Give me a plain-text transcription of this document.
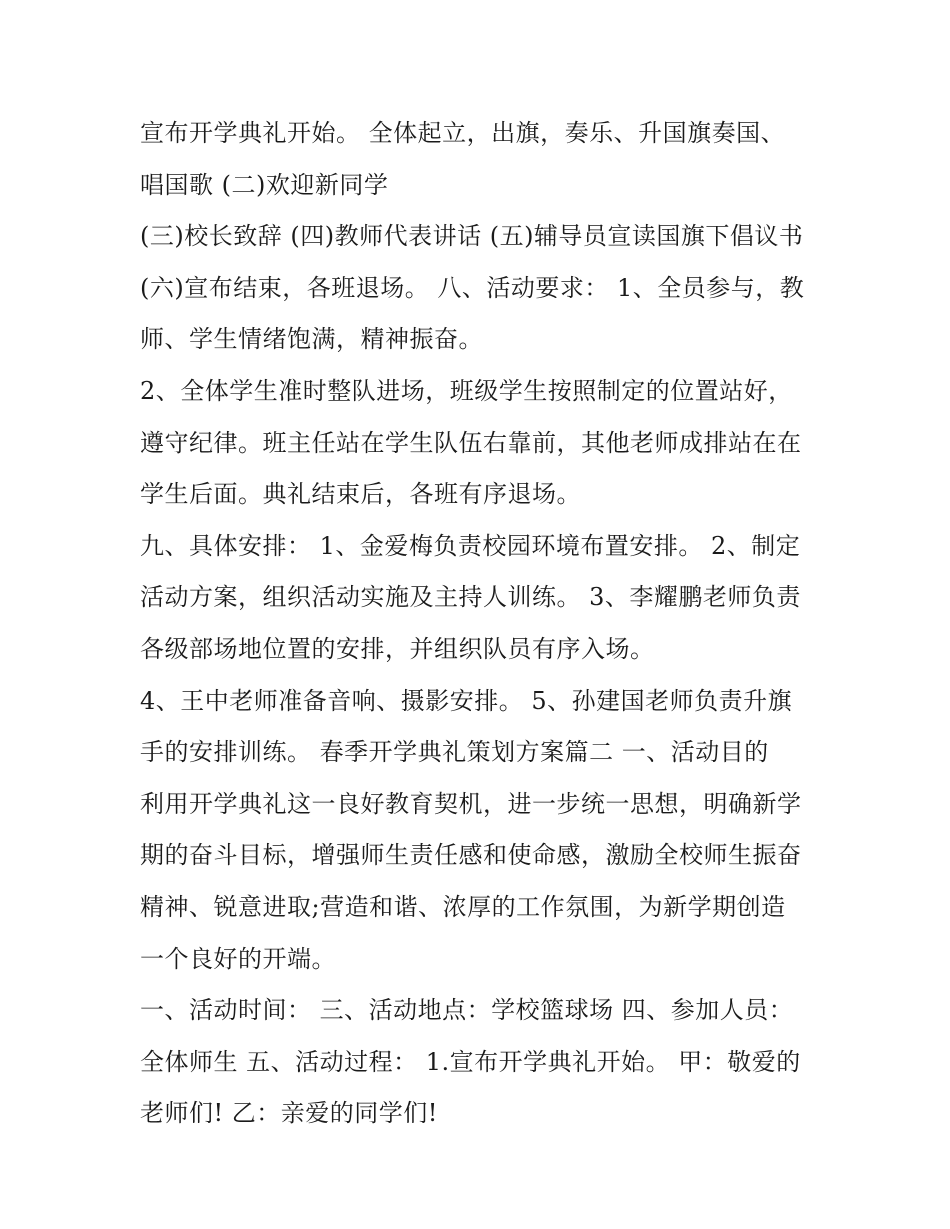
宣布开学典礼开始。 全体起立，出旗，奏乐、升国旗奏国、
唱国歌 (二)欢迎新同学
(三)校长致辞 (四)教师代表讲话 (五)辅导员宣读国旗下倡议书
(六)宣布结束，各班退场。 八、活动要求： 1、全员参与，教
师、学生情绪饱满，精神振奋。
2、全体学生准时整队进场，班级学生按照制定的位置站好，
遵守纪律。班主任站在学生队伍右靠前，其他老师成排站在在
学生后面。典礼结束后，各班有序退场。
九、具体安排： 1、金爱梅负责校园环境布置安排。 2、制定
活动方案，组织活动实施及主持人训练。 3、李耀鹏老师负责
各级部场地位置的安排，并组织队员有序入场。
4、王中老师准备音响、摄影安排。 5、孙建国老师负责升旗
手的安排训练。 春季开学典礼策划方案篇二 一、活动目的
利用开学典礼这一良好教育契机，进一步统一思想，明确新学
期的奋斗目标，增强师生责任感和使命感，激励全校师生振奋
精神、锐意进取;营造和谐、浓厚的工作氛围，为新学期创造
一个良好的开端。
一、活动时间： 三、活动地点：学校篮球场 四、参加人员：
全体师生 五、活动过程： 1.宣布开学典礼开始。 甲：敬爱的
老师们! 乙：亲爱的同学们!
